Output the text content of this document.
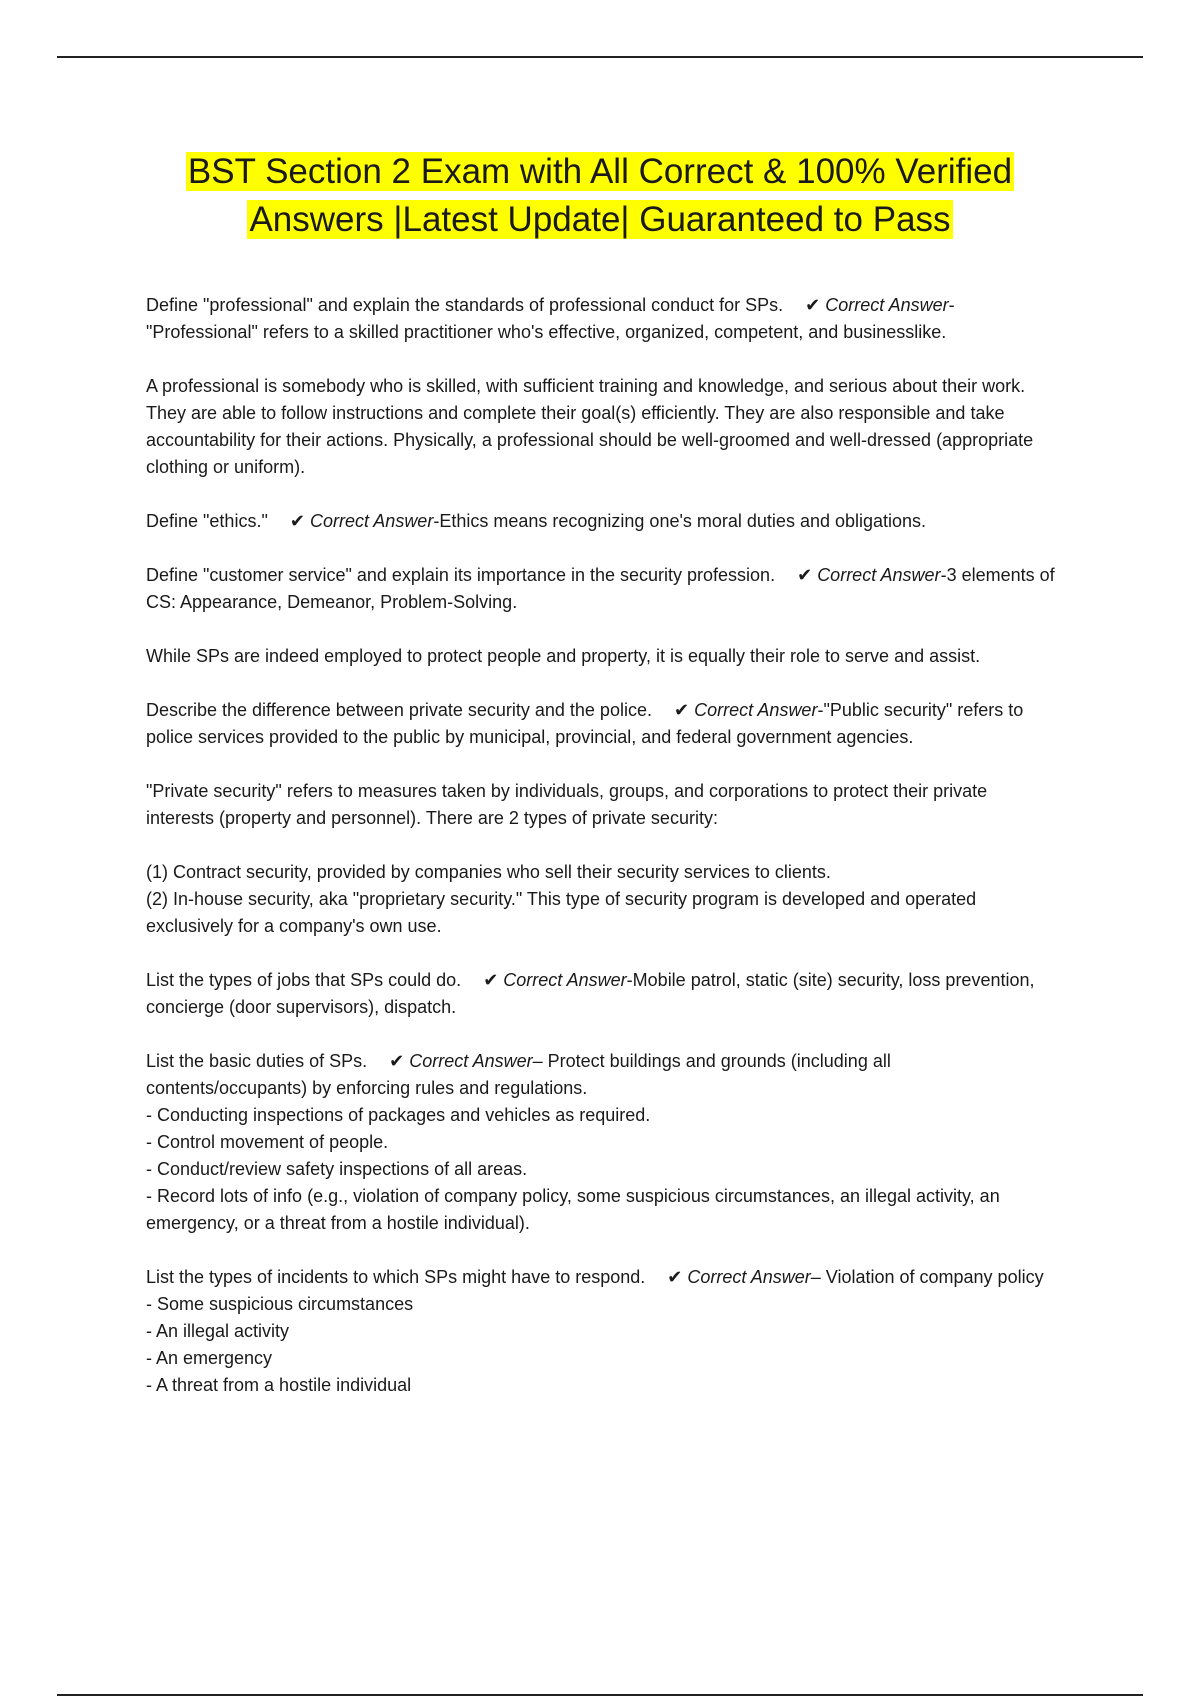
BST Section 2 Exam with All Correct & 100% Verified
Answers |Latest Update| Guaranteed to Pass

Define "professional" and explain the standards of professional conduct for SPs. ✔ Correct Answer-"Professional" refers to a skilled practitioner who's effective, organized, competent, and businesslike.

A professional is somebody who is skilled, with sufficient training and knowledge, and serious about their work. They are able to follow instructions and complete their goal(s) efficiently. They are also responsible and take accountability for their actions. Physically, a professional should be well-groomed and well-dressed (appropriate clothing or uniform).

Define "ethics." ✔ Correct Answer-Ethics means recognizing one's moral duties and obligations.

Define "customer service" and explain its importance in the security profession. ✔ Correct Answer-3 elements of CS: Appearance, Demeanor, Problem-Solving.

While SPs are indeed employed to protect people and property, it is equally their role to serve and assist.

Describe the difference between private security and the police. ✔ Correct Answer-"Public security" refers to police services provided to the public by municipal, provincial, and federal government agencies.

"Private security" refers to measures taken by individuals, groups, and corporations to protect their private interests (property and personnel). There are 2 types of private security:

(1) Contract security, provided by companies who sell their security services to clients.
(2) In-house security, aka "proprietary security." This type of security program is developed and operated exclusively for a company's own use.

List the types of jobs that SPs could do. ✔ Correct Answer-Mobile patrol, static (site) security, loss prevention, concierge (door supervisors), dispatch.

List the basic duties of SPs. ✔ Correct Answer– Protect buildings and grounds (including all contents/occupants) by enforcing rules and regulations.
- Conducting inspections of packages and vehicles as required.
- Control movement of people.
- Conduct/review safety inspections of all areas.
- Record lots of info (e.g., violation of company policy, some suspicious circumstances, an illegal activity, an emergency, or a threat from a hostile individual).

List the types of incidents to which SPs might have to respond. ✔ Correct Answer– Violation of company policy
- Some suspicious circumstances
- An illegal activity
- An emergency
- A threat from a hostile individual
